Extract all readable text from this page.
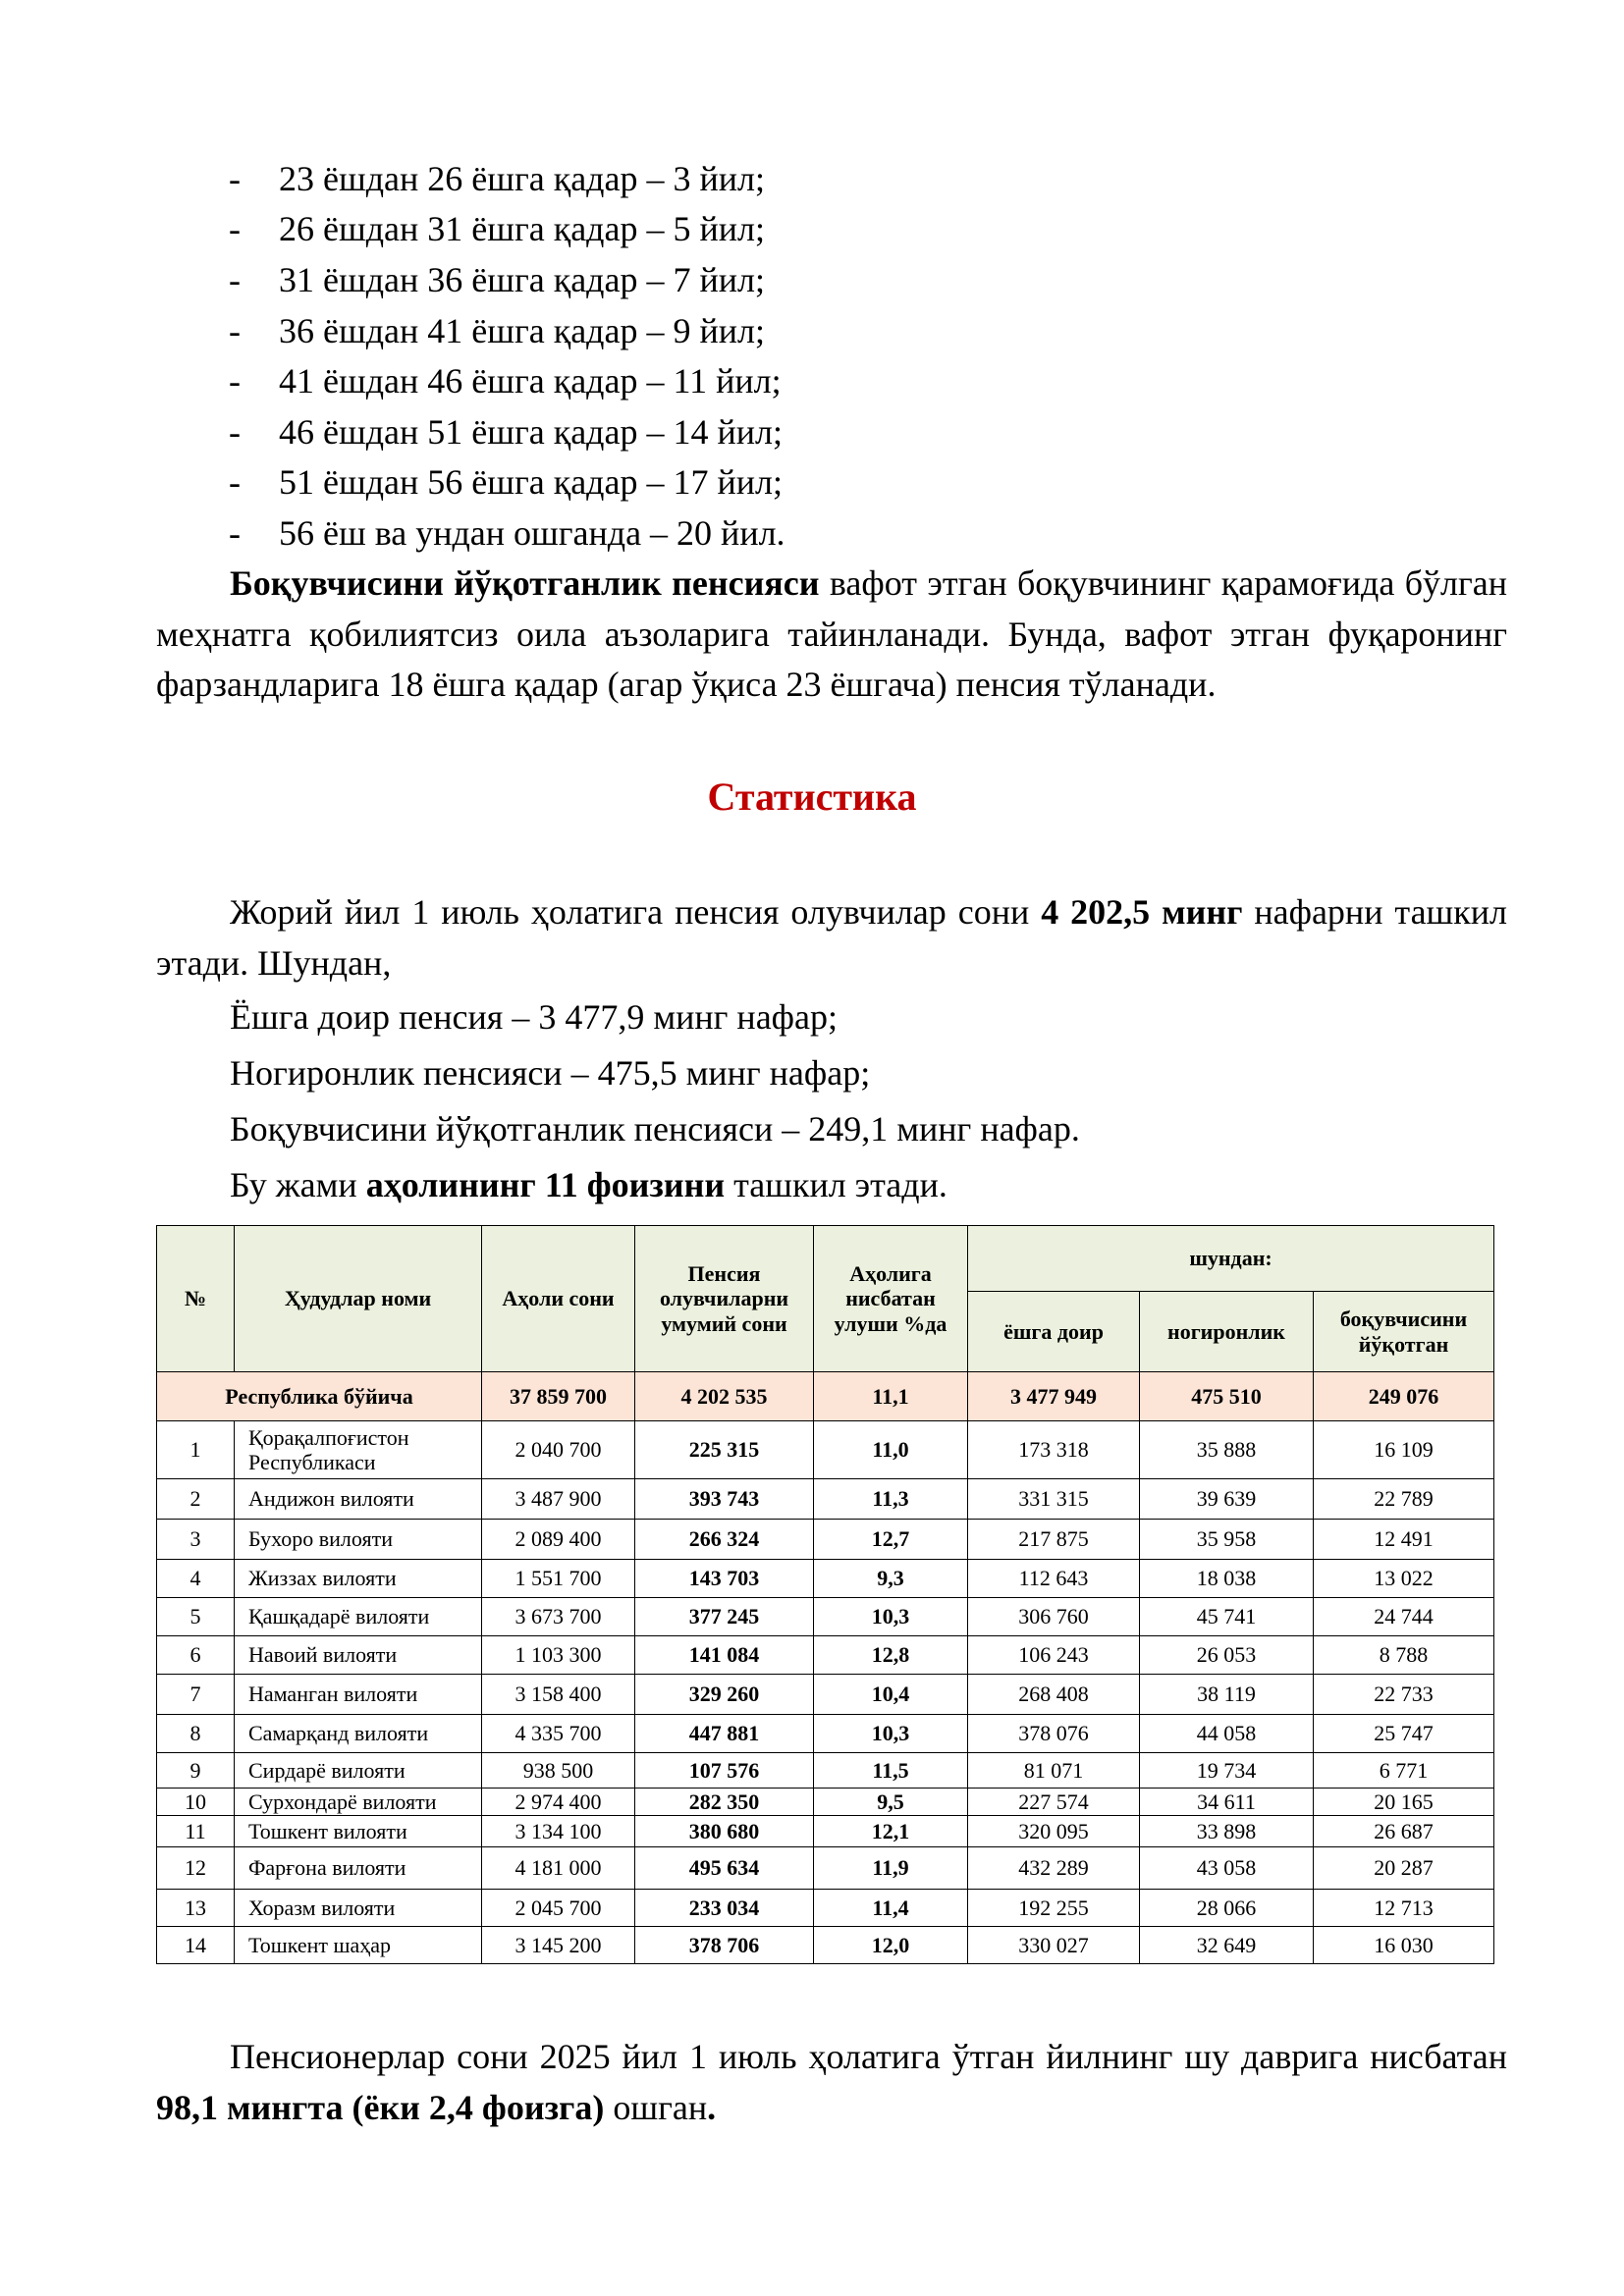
-	23 ёшдан 26 ёшга қадар – 3 йил;
-	26 ёшдан 31 ёшга қадар – 5 йил;
-	31 ёшдан 36 ёшга қадар – 7 йил;
-	36 ёшдан 41 ёшга қадар – 9 йил;
-	41 ёшдан 46 ёшга қадар – 11 йил;
-	46 ёшдан 51 ёшга қадар – 14 йил;
-	51 ёшдан 56 ёшга қадар – 17 йил;
-	56 ёш ва ундан ошганда – 20 йил.
Боқувчисини йўқотганлик пенсияси вафот этган боқувчининг қарамоғида бўлган меҳнатга қобилиятсиз оила аъзоларига тайинланади. Бунда, вафот этган фуқаронинг фарзандларига 18 ёшга қадар (агар ўқиса 23 ёшгача) пенсия тўланади.
Статистика
Жорий йил 1 июль ҳолатига пенсия олувчилар сони 4 202,5 минг нафарни ташкил этади. Шундан,
Ёшга доир пенсия – 3 477,9 минг нафар;
Ногиронлик пенсияси – 475,5 минг нафар;
Боқувчисини йўқотганлик пенсияси – 249,1 минг нафар.
Бу жами аҳолининг 11 фоизини ташкил этади.
№	Ҳудудлар номи	Аҳоли сони	Пенсия олувчиларни умумий сони	Аҳолига нисбатан улуши %да	шундан:		
					ёшга доир	ногиронлик	боқувчисини йўқотган
Республика бўйича		37 859 700	4 202 535	11,1	3 477 949	475 510	249 076
1	Қорақалпоғистон Республикаси	2 040 700	225 315	11,0	173 318	35 888	16 109
2	Андижон вилояти	3 487 900	393 743	11,3	331 315	39 639	22 789
3	Бухоро вилояти	2 089 400	266 324	12,7	217 875	35 958	12 491
4	Жиззах вилояти	1 551 700	143 703	9,3	112 643	18 038	13 022
5	Қашқадарё вилояти	3 673 700	377 245	10,3	306 760	45 741	24 744
6	Навоий вилояти	1 103 300	141 084	12,8	106 243	26 053	8 788
7	Наманган вилояти	3 158 400	329 260	10,4	268 408	38 119	22 733
8	Самарқанд вилояти	4 335 700	447 881	10,3	378 076	44 058	25 747
9	Сирдарё вилояти	938 500	107 576	11,5	81 071	19 734	6 771
10	Сурхондарё вилояти	2 974 400	282 350	9,5	227 574	34 611	20 165
11	Тошкент вилояти	3 134 100	380 680	12,1	320 095	33 898	26 687
12	Фарғона вилояти	4 181 000	495 634	11,9	432 289	43 058	20 287
13	Хоразм вилояти	2 045 700	233 034	11,4	192 255	28 066	12 713
14	Тошкент шаҳар	3 145 200	378 706	12,0	330 027	32 649	16 030
Пенсионерлар сони 2025 йил 1 июль ҳолатига ўтган йилнинг шу даврига нисбатан 98,1 мингта (ёки 2,4 фоизга) ошган.
